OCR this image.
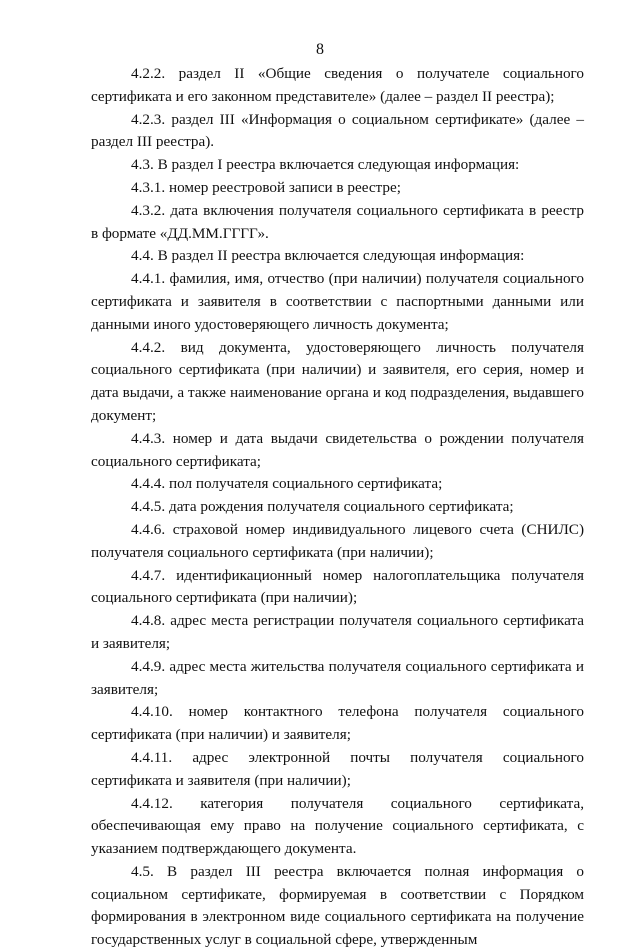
8

4.2.2. раздел II «Общие сведения о получателе социального сертификата и его законном представителе» (далее – раздел II реестра);

4.2.3. раздел III «Информация о социальном сертификате» (далее – раздел III реестра).

4.3. В раздел I реестра включается следующая информация:

4.3.1. номер реестровой записи в реестре;

4.3.2. дата включения получателя социального сертификата в реестр в формате «ДД.ММ.ГГГГ».

4.4. В раздел II реестра включается следующая информация:

4.4.1. фамилия, имя, отчество (при наличии) получателя социального сертификата и заявителя в соответствии с паспортными данными или данными иного удостоверяющего личность документа;

4.4.2. вид документа, удостоверяющего личность получателя социального сертификата (при наличии) и заявителя, его серия, номер и дата выдачи, а также наименование органа и код подразделения, выдавшего документ;

4.4.3. номер и дата выдачи свидетельства о рождении получателя социального сертификата;

4.4.4. пол получателя социального сертификата;

4.4.5. дата рождения получателя социального сертификата;

4.4.6. страховой номер индивидуального лицевого счета (СНИЛС) получателя социального сертификата (при наличии);

4.4.7. идентификационный номер налогоплательщика получателя социального сертификата (при наличии);

4.4.8. адрес места регистрации получателя социального сертификата и заявителя;

4.4.9. адрес места жительства получателя социального сертификата и заявителя;

4.4.10. номер контактного телефона получателя социального сертификата (при наличии) и заявителя;

4.4.11. адрес электронной почты получателя социального сертификата и заявителя (при наличии);

4.4.12. категория получателя социального сертификата, обеспечивающая ему право на получение социального сертификата, с указанием подтверждающего документа.

4.5. В раздел III реестра включается полная информация о социальном сертификате, формируемая в соответствии с Порядком формирования в электронном виде социального сертификата на получение государственных услуг в социальной сфере, утвержденным
